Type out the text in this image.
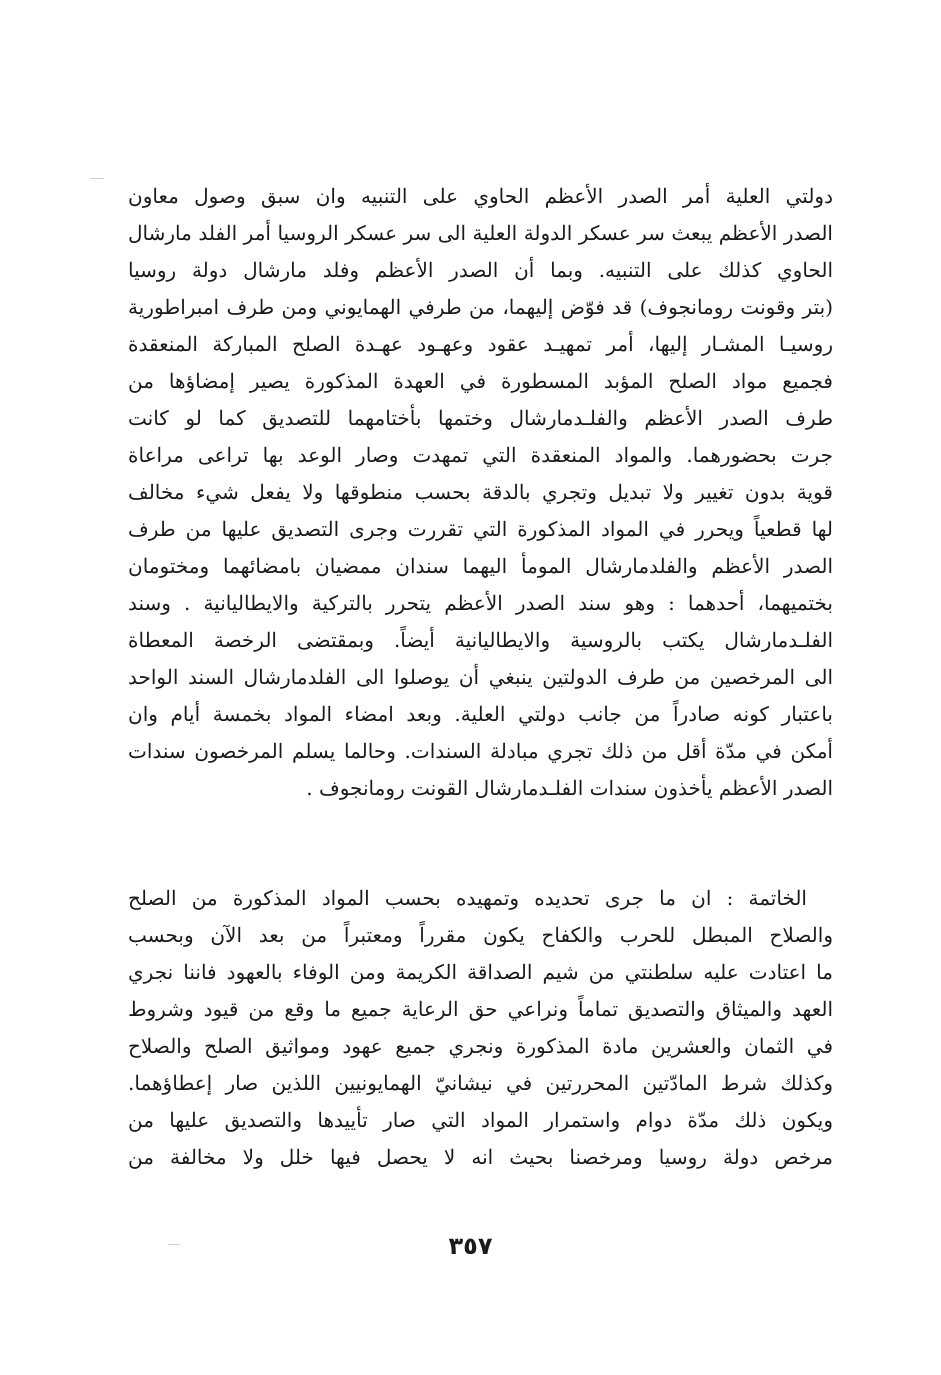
دولتي العلية أمر الصدر الأعظم الحاوي على التنبيه وان سبق وصول معاون
الصدر الأعظم يبعث سر عسكر الدولة العلية الى سر عسكر الروسيا أمر الفلد مارشال
الحاوي كذلك على التنبيه. وبما أن الصدر الأعظم وفلد مارشال دولة روسيا
(بتر وقونت رومانجوف) قد فوّض إليهما، من طرفي الهمايوني ومن طرف امبراطورية
روسيـا المشـار إليها، أمر تمهيـد عقود وعهـود عهـدة الصلح المباركة المنعقدة
فجميع مواد الصلح المؤبد المسطورة في العهدة المذكورة يصير إمضاؤها من
طرف الصدر الأعظم والفلـدمارشال وختمها بأختامهما للتصديق كما لو كانت
جرت بحضورهما. والمواد المنعقدة التي تمهدت وصار الوعد بها تراعى مراعاة
قوية بدون تغيير ولا تبديل وتجري بالدقة بحسب منطوقها ولا يفعل شيء مخالف
لها قطعياً ويحرر في المواد المذكورة التي تقررت وجرى التصديق عليها من طرف
الصدر الأعظم والفلدمارشال المومأ اليهما سندان ممضيان بامضائهما ومختومان
بختميهما، أحدهما : وهو سند الصدر الأعظم يتحرر بالتركية والايطاليانية . وسند
الفلـدمارشال يكتب بالروسية والايطاليانية أيضاً. وبمقتضى الرخصة المعطاة
الى المرخصين من طرف الدولتين ينبغي أن يوصلوا الى الفلدمارشال السند الواحد
باعتبار كونه صادراً من جانب دولتي العلية. وبعد امضاء المواد بخمسة أيام وان
أمكن في مدّة أقل من ذلك تجري مبادلة السندات. وحالما يسلم المرخصون سندات
الصدر الأعظم يأخذون سندات الفلـدمارشال القونت رومانجوف .
الخاتمة : ان ما جرى تحديده وتمهيده بحسب المواد المذكورة من الصلح
والصلاح المبطل للحرب والكفاح يكون مقرراً ومعتبراً من بعد الآن وبحسب
ما اعتادت عليه سلطنتي من شيم الصداقة الكريمة ومن الوفاء بالعهود فاننا نجري
العهد والميثاق والتصديق تماماً ونراعي حق الرعاية جميع ما وقع من قيود وشروط
في الثمان والعشرين مادة المذكورة ونجري جميع عهود ومواثيق الصلح والصلاح
وكذلك شرط المادّتين المحررتين في نيشانيّ الهمايونيين اللذين صار إعطاؤهما.
ويكون ذلك مدّة دوام واستمرار المواد التي صار تأييدها والتصديق عليها من
مرخص دولة روسيا ومرخصنا بحيث انه لا يحصل فيها خلل ولا مخالفة من
٣٥٧
